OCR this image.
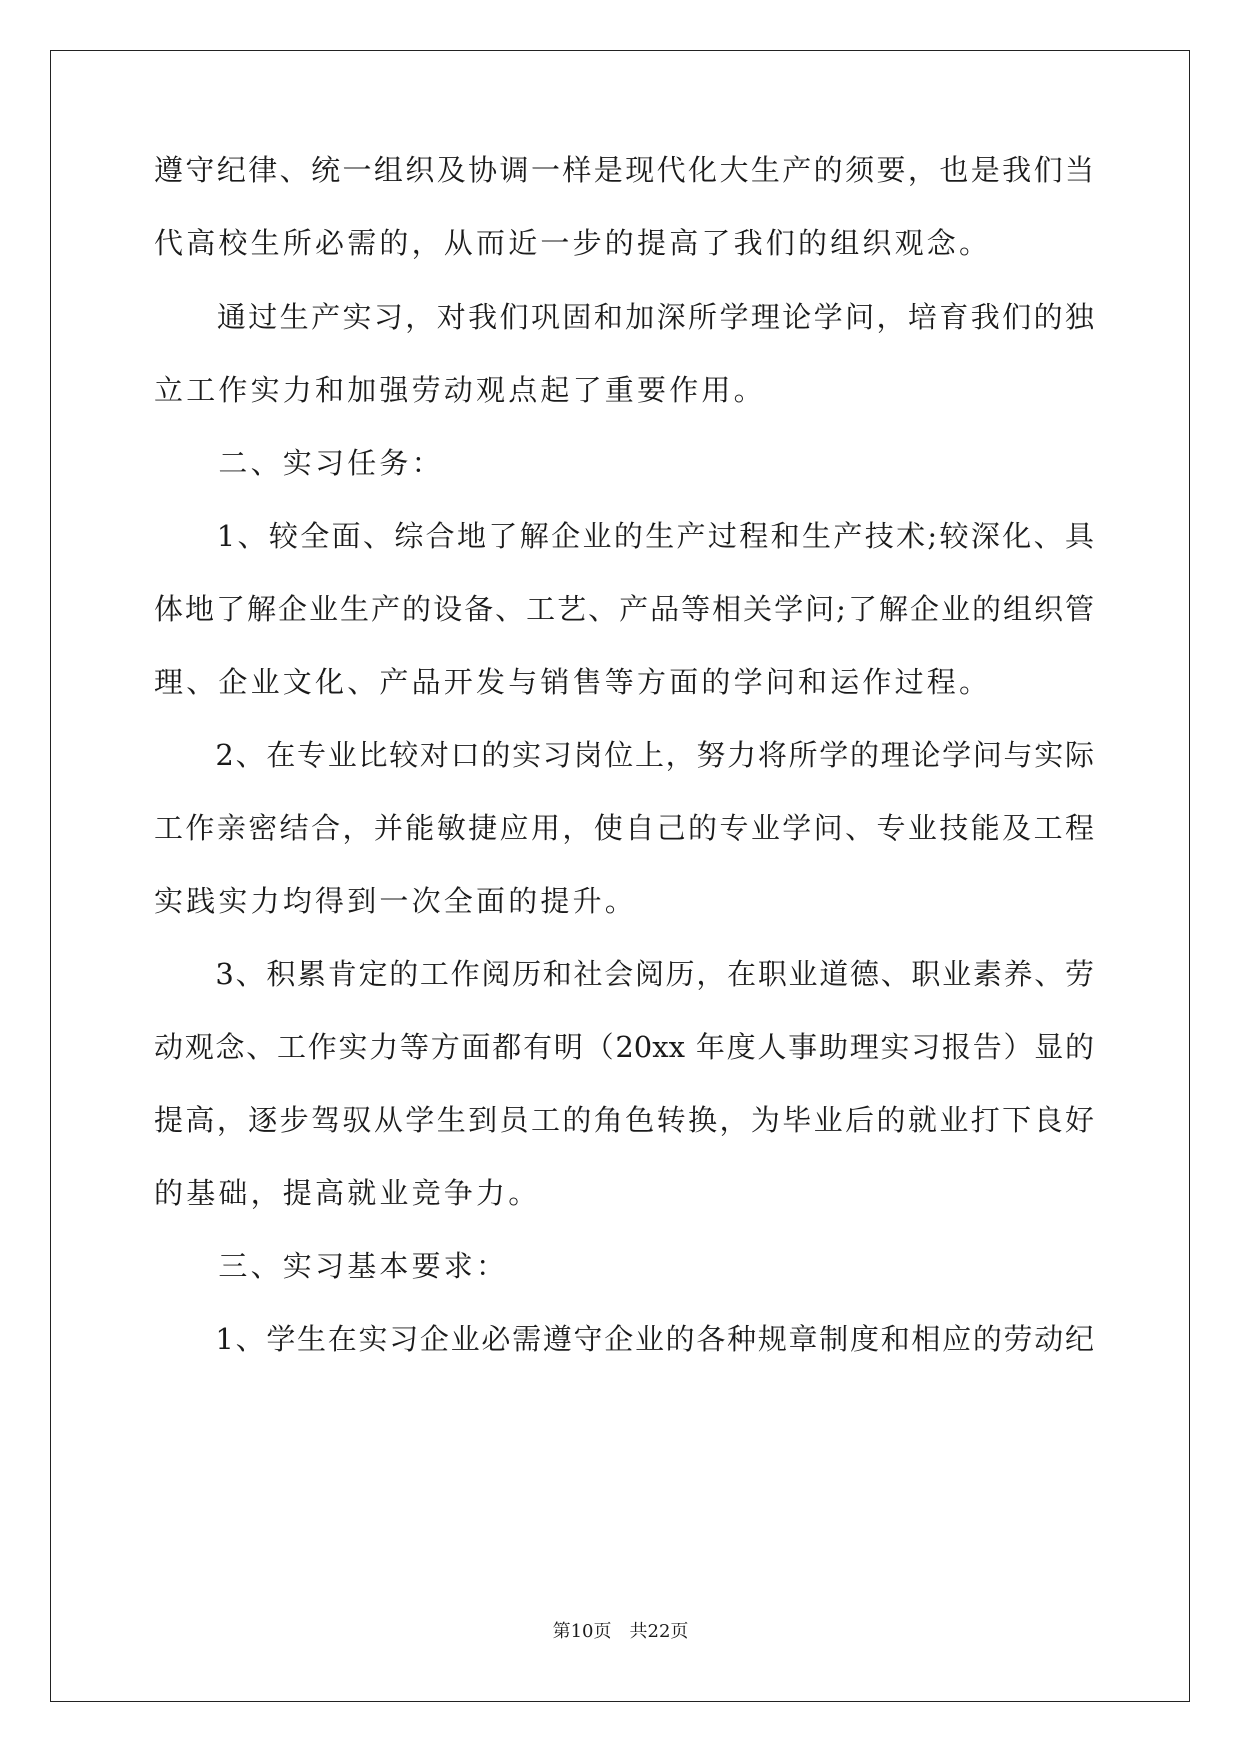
遵守纪律、统一组织及协调一样是现代化大生产的须要，也是我们当
代高校生所必需的，从而近一步的提高了我们的组织观念。
　　通过生产实习，对我们巩固和加深所学理论学问，培育我们的独
立工作实力和加强劳动观点起了重要作用。
　　二、实习任务：
　　1、较全面、综合地了解企业的生产过程和生产技术;较深化、具
体地了解企业生产的设备、工艺、产品等相关学问;了解企业的组织管
理、企业文化、产品开发与销售等方面的学问和运作过程。
　　2、在专业比较对口的实习岗位上，努力将所学的理论学问与实际
工作亲密结合，并能敏捷应用，使自己的专业学问、专业技能及工程
实践实力均得到一次全面的提升。
　　3、积累肯定的工作阅历和社会阅历，在职业道德、职业素养、劳
动观念、工作实力等方面都有明（20xx 年度人事助理实习报告）显的
提高，逐步驾驭从学生到员工的角色转换，为毕业后的就业打下良好
的基础，提高就业竞争力。
　　三、实习基本要求：
　　1、学生在实习企业必需遵守企业的各种规章制度和相应的劳动纪
第10页　共22页
